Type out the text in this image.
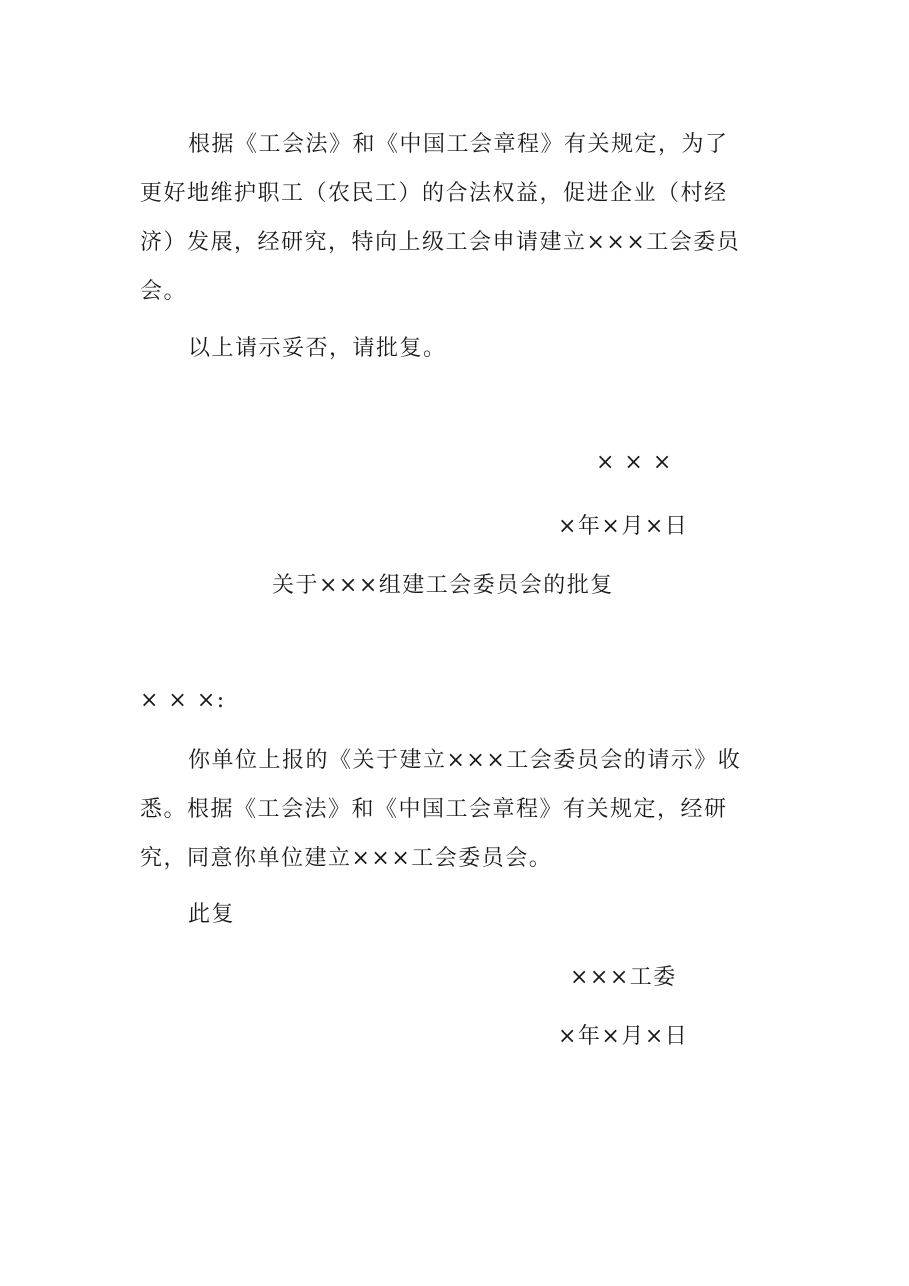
根据《工会法》和《中国工会章程》有关规定，为了更好地维护职工（农民工）的合法权益，促进企业（村经济）发展，经研究，特向上级工会申请建立×××工会委员会。

以上请示妥否，请批复。

× × ×

×年×月×日

关于×××组建工会委员会的批复

× × ×:

你单位上报的《关于建立×××工会委员会的请示》收悉。根据《工会法》和《中国工会章程》有关规定，经研究，同意你单位建立×××工会委员会。

此复

×××工委

×年×月×日
